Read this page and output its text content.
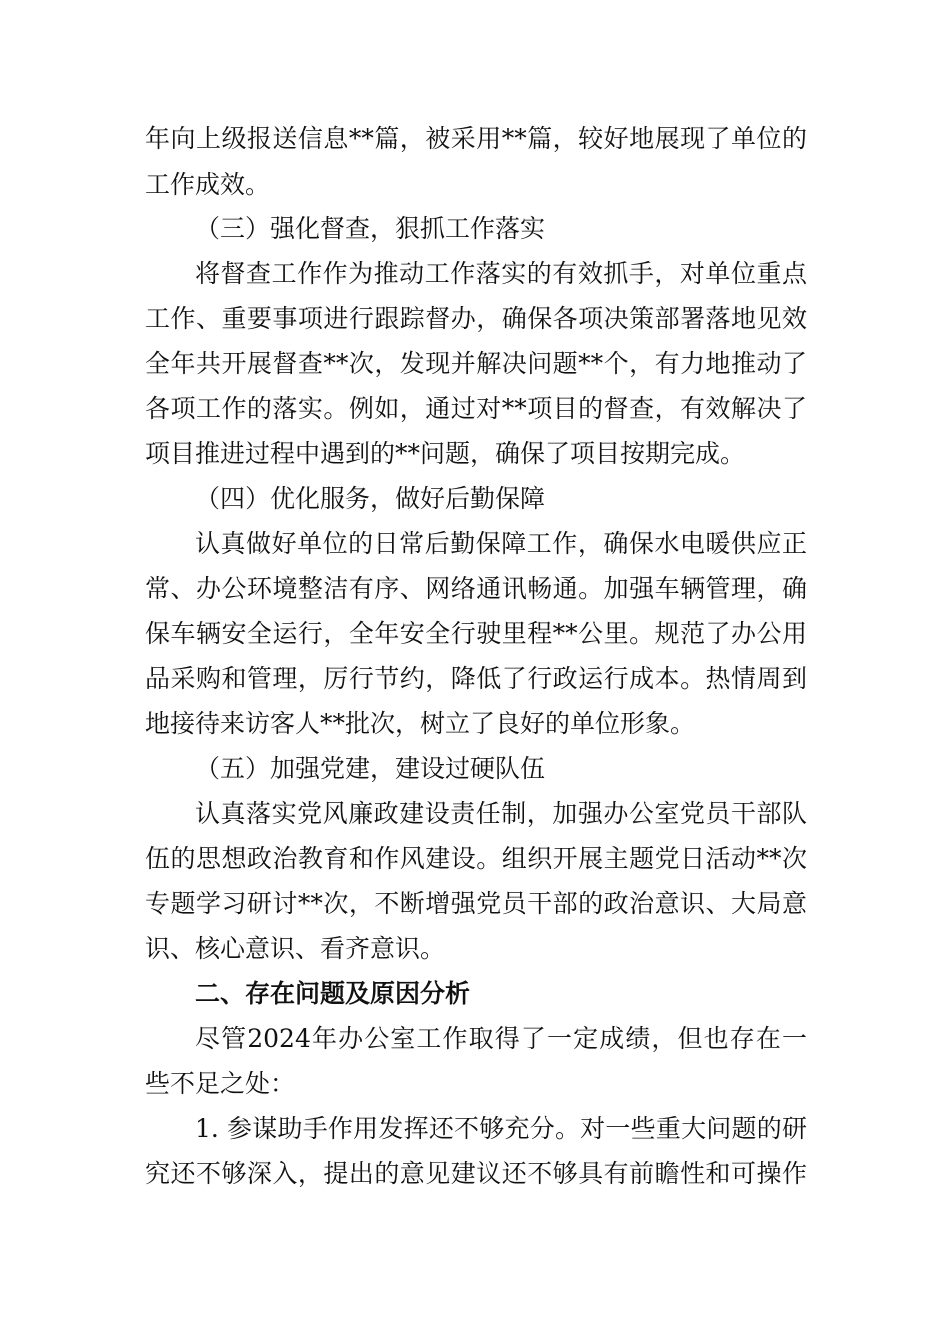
年向上级报送信息**篇，被采用**篇，较好地展现了单位的
工作成效。
（三）强化督查，狠抓工作落实
将督查工作作为推动工作落实的有效抓手，对单位重点
工作、重要事项进行跟踪督办，确保各项决策部署落地见效
全年共开展督查**次，发现并解决问题**个，有力地推动了
各项工作的落实。例如，通过对**项目的督查，有效解决了
项目推进过程中遇到的**问题，确保了项目按期完成。
（四）优化服务，做好后勤保障
认真做好单位的日常后勤保障工作，确保水电暖供应正
常、办公环境整洁有序、网络通讯畅通。加强车辆管理，确
保车辆安全运行，全年安全行驶里程**公里。规范了办公用
品采购和管理，厉行节约，降低了行政运行成本。热情周到
地接待来访客人**批次，树立了良好的单位形象。
（五）加强党建，建设过硬队伍
认真落实党风廉政建设责任制，加强办公室党员干部队
伍的思想政治教育和作风建设。组织开展主题党日活动**次
专题学习研讨**次，不断增强党员干部的政治意识、大局意
识、核心意识、看齐意识。
二、存在问题及原因分析
尽管2024年办公室工作取得了一定成绩，但也存在一
些不足之处：
1. 参谋助手作用发挥还不够充分。对一些重大问题的研
究还不够深入，提出的意见建议还不够具有前瞻性和可操作
